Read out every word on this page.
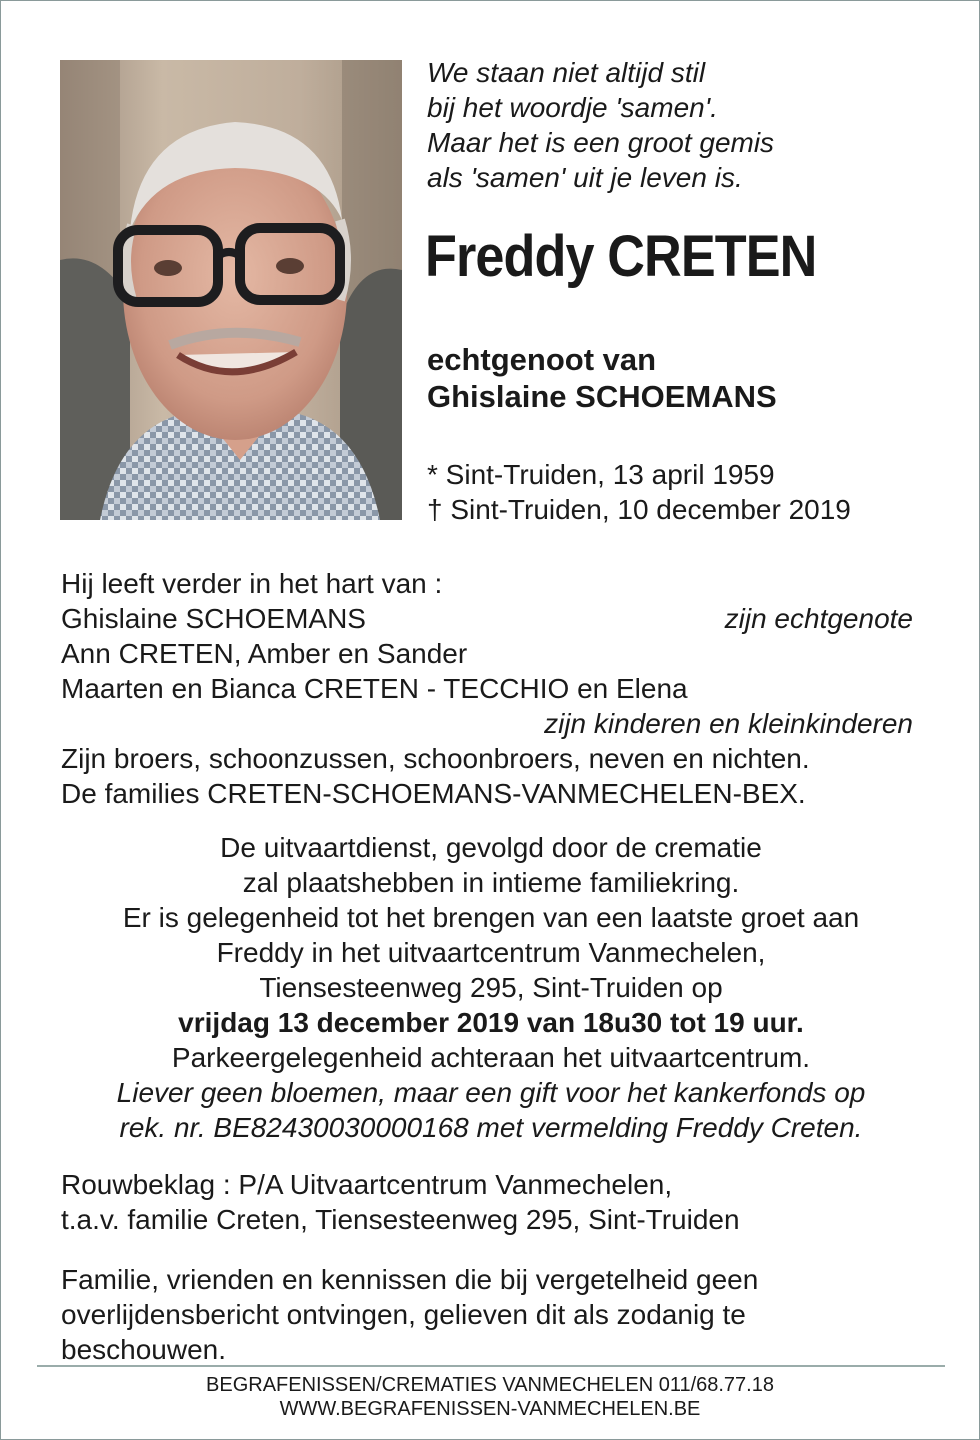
We staan niet altijd stil
bij het woordje 'samen'.
Maar het is een groot gemis
als 'samen' uit je leven is.
Freddy CRETEN
echtgenoot van
Ghislaine SCHOEMANS
* Sint-Truiden, 13 april 1959
† Sint-Truiden, 10 december 2019
Hij leeft verder in het hart van :
Ghislaine SCHOEMANS	zijn echtgenote
Ann CRETEN, Amber en Sander
Maarten en Bianca CRETEN - TECCHIO en Elena
zijn kinderen en kleinkinderen
Zijn broers, schoonzussen, schoonbroers, neven en nichten.
De families CRETEN-SCHOEMANS-VANMECHELEN-BEX.
De uitvaartdienst, gevolgd door de crematie
zal plaatshebben in intieme familiekring.
Er is gelegenheid tot het brengen van een laatste groet aan
Freddy in het uitvaartcentrum Vanmechelen,
Tiensesteenweg 295, Sint-Truiden op
vrijdag 13 december 2019 van 18u30 tot 19 uur.
Parkeergelegenheid achteraan het uitvaartcentrum.
Liever geen bloemen, maar een gift voor het kankerfonds op
rek. nr. BE82430030000168 met vermelding Freddy Creten.
Rouwbeklag : P/A Uitvaartcentrum Vanmechelen,
t.a.v. familie Creten, Tiensesteenweg 295, Sint-Truiden
Familie, vrienden en kennissen die bij vergetelheid geen
overlijdensbericht ontvingen, gelieven dit als zodanig te
beschouwen.
BEGRAFENISSEN/CREMATIES VANMECHELEN 011/68.77.18
WWW.BEGRAFENISSEN-VANMECHELEN.BE
